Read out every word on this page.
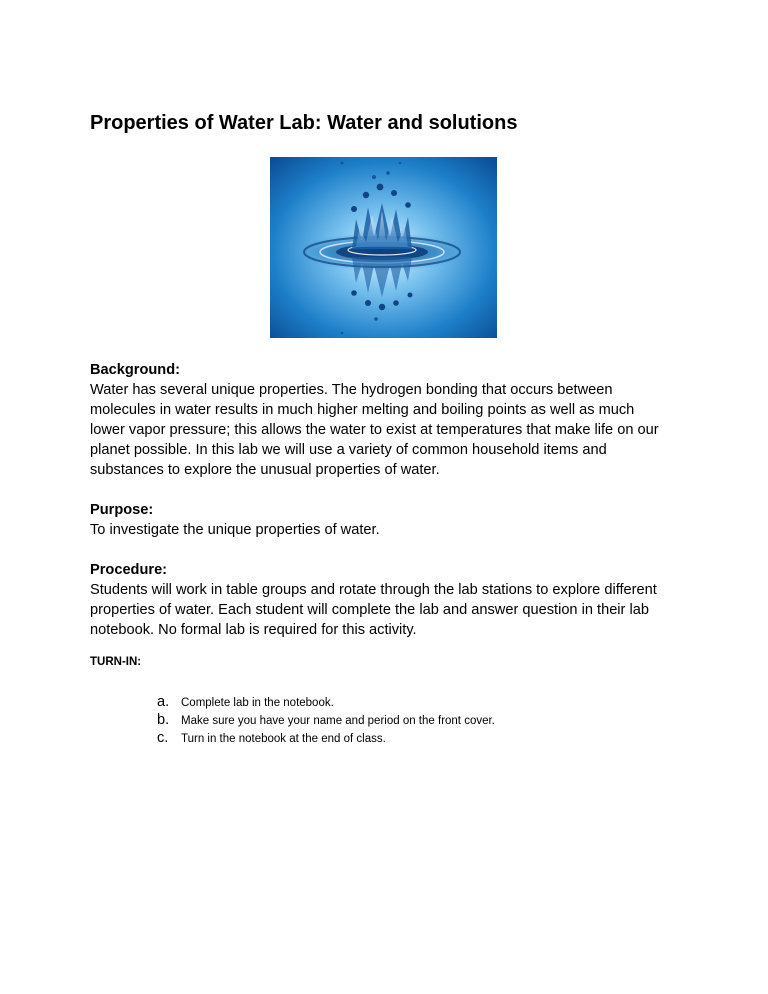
Properties of Water Lab: Water and solutions

Background:

Water has several unique properties. The hydrogen bonding that occurs between
molecules in water results in much higher melting and boiling points as well as much
lower vapor pressure; this allows the water to exist at temperatures that make life on our
planet possible. In this lab we will use a variety of common household items and
substances to explore the unusual properties of water.

Purpose:

To investigate the unique properties of water.

Procedure:

Students will work in table groups and rotate through the lab stations to explore different
properties of water. Each student will complete the lab and answer question in their lab
notebook. No formal lab is required for this activity.

TURN-IN:

a.	Complete lab in the notebook.
b.	Make sure you have your name and period on the front cover.
c.	Turn in the notebook at the end of class.
